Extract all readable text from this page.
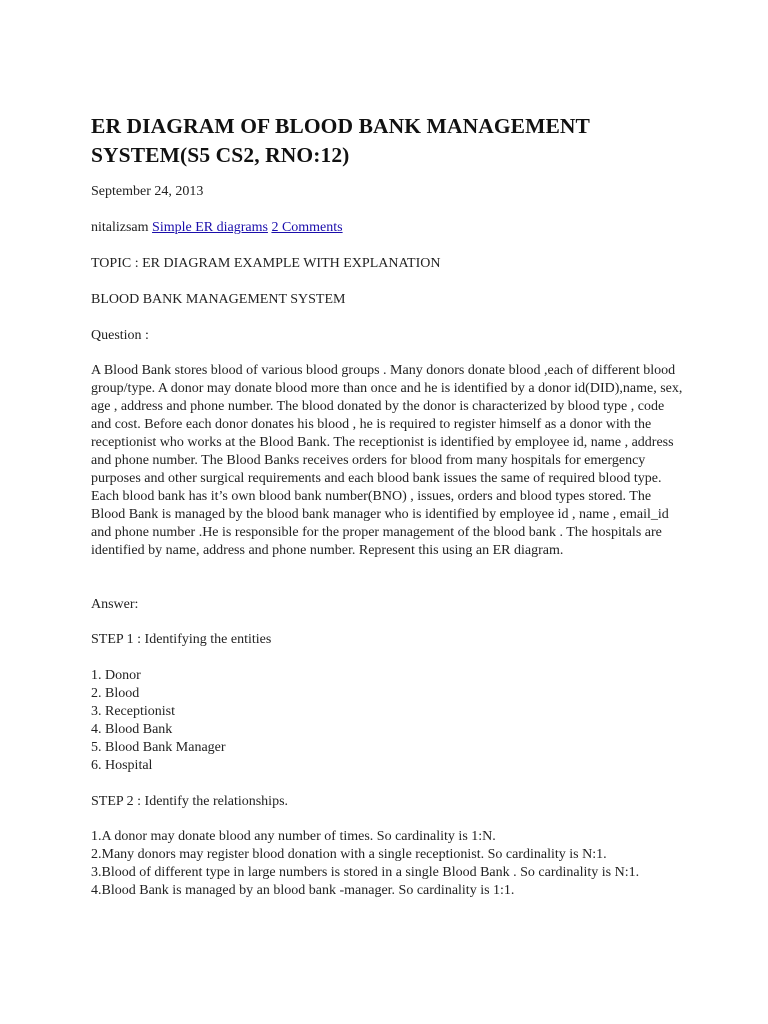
ER DIAGRAM OF BLOOD BANK MANAGEMENT SYSTEM(S5 CS2, RNO:12)

September 24, 2013

nitalizsam Simple ER diagrams 2 Comments

TOPIC : ER DIAGRAM EXAMPLE WITH EXPLANATION

BLOOD BANK MANAGEMENT SYSTEM

Question :

A Blood Bank stores blood of various blood groups . Many donors donate blood ,each of different blood group/type. A donor may donate blood more than once and he is identified by a donor id(DID),name, sex, age , address and phone number. The blood donated by the donor is characterized by blood type , code and cost. Before each donor donates his blood , he is required to register himself as a donor with the receptionist who works at the Blood Bank. The receptionist is identified by employee id, name , address and phone number. The Blood Banks receives orders for blood from many hospitals for emergency purposes and other surgical requirements and each blood bank issues the same of required blood type. Each blood bank has it’s own blood bank number(BNO) , issues, orders and blood types stored. The Blood Bank is managed by the blood bank manager who is identified by employee id , name , email_id and phone number .He is responsible for the proper management of the blood bank . The hospitals are identified by name, address and phone number. Represent this using an ER diagram.

Answer:

STEP 1 : Identifying the entities

1. Donor
2. Blood
3. Receptionist
4. Blood Bank
5. Blood Bank Manager
6. Hospital

STEP 2 : Identify the relationships.

1.A donor may donate blood any number of times. So cardinality is 1:N.
2.Many donors may register blood donation with a single receptionist. So cardinality is N:1.
3.Blood of different type in large numbers is stored in a single Blood Bank . So cardinality is N:1.
4.Blood Bank is managed by an blood bank -manager. So cardinality is 1:1.
